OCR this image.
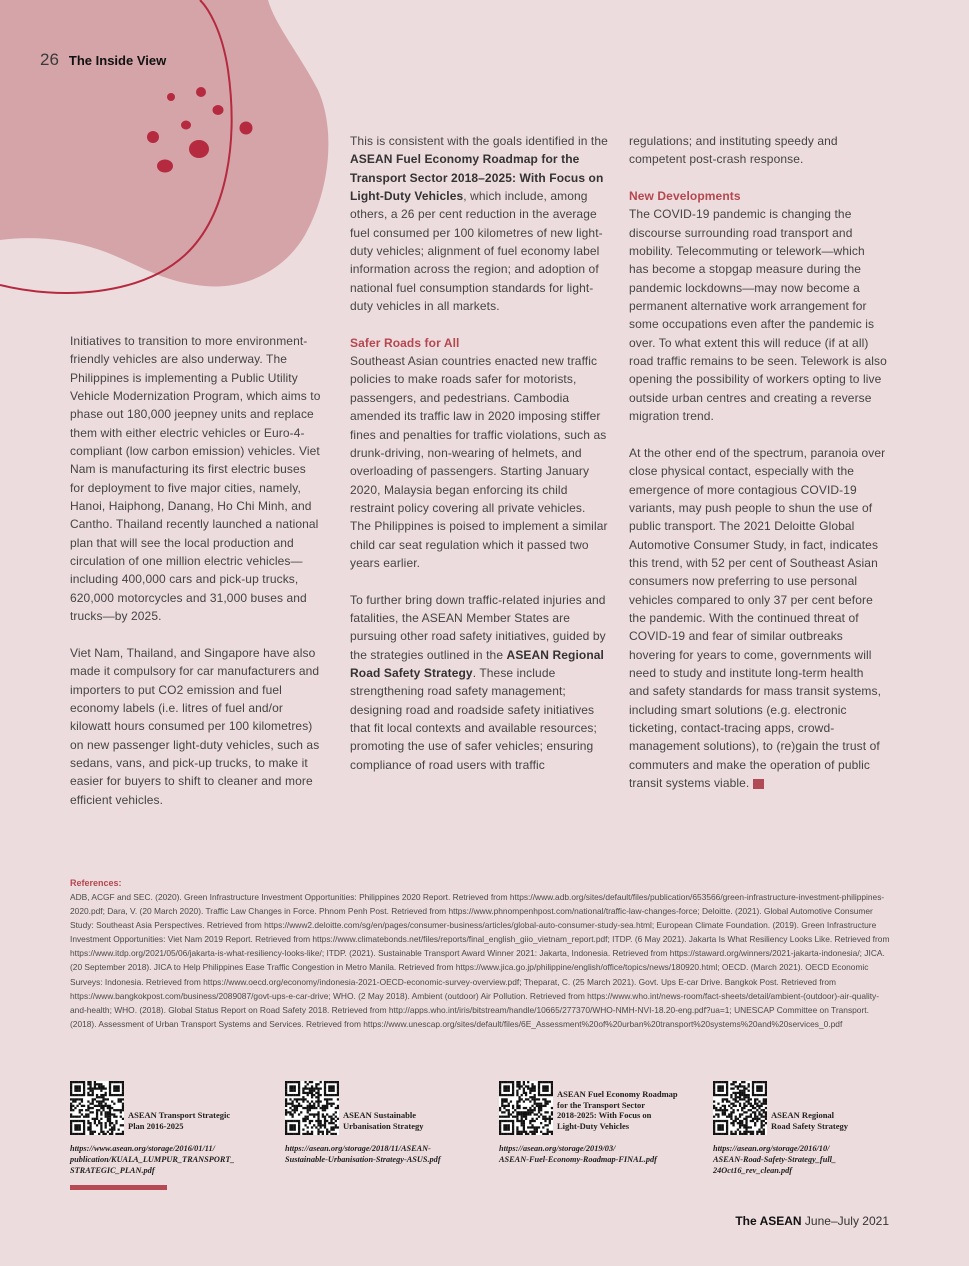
26 The Inside View

Initiatives to transition to more environment-friendly vehicles are also underway. The Philippines is implementing a Public Utility Vehicle Modernization Program, which aims to phase out 180,000 jeepney units and replace them with either electric vehicles or Euro-4-compliant (low carbon emission) vehicles. Viet Nam is manufacturing its first electric buses for deployment to five major cities, namely, Hanoi, Haiphong, Danang, Ho Chi Minh, and Cantho. Thailand recently launched a national plan that will see the local production and circulation of one million electric vehicles— including 400,000 cars and pick-up trucks, 620,000 motorcycles and 31,000 buses and trucks—by 2025.

Viet Nam, Thailand, and Singapore have also made it compulsory for car manufacturers and importers to put CO2 emission and fuel economy labels (i.e. litres of fuel and/or kilowatt hours consumed per 100 kilometres) on new passenger light-duty vehicles, such as sedans, vans, and pick-up trucks, to make it easier for buyers to shift to cleaner and more efficient vehicles.

This is consistent with the goals identified in the ASEAN Fuel Economy Roadmap for the Transport Sector 2018–2025: With Focus on Light-Duty Vehicles, which include, among others, a 26 per cent reduction in the average fuel consumed per 100 kilometres of new light-duty vehicles; alignment of fuel economy label information across the region; and adoption of national fuel consumption standards for light-duty vehicles in all markets.

Safer Roads for All

Southeast Asian countries enacted new traffic policies to make roads safer for motorists, passengers, and pedestrians. Cambodia amended its traffic law in 2020 imposing stiffer fines and penalties for traffic violations, such as drunk-driving, non-wearing of helmets, and overloading of passengers. Starting January 2020, Malaysia began enforcing its child restraint policy covering all private vehicles. The Philippines is poised to implement a similar child car seat regulation which it passed two years earlier.

To further bring down traffic-related injuries and fatalities, the ASEAN Member States are pursuing other road safety initiatives, guided by the strategies outlined in the ASEAN Regional Road Safety Strategy. These include strengthening road safety management; designing road and roadside safety initiatives that fit local contexts and available resources; promoting the use of safer vehicles; ensuring compliance of road users with traffic

regulations; and instituting speedy and competent post-crash response.

New Developments

The COVID-19 pandemic is changing the discourse surrounding road transport and mobility. Telecommuting or telework—which has become a stopgap measure during the pandemic lockdowns—may now become a permanent alternative work arrangement for some occupations even after the pandemic is over. To what extent this will reduce (if at all) road traffic remains to be seen. Telework is also opening the possibility of workers opting to live outside urban centres and creating a reverse migration trend.

At the other end of the spectrum, paranoia over close physical contact, especially with the emergence of more contagious COVID-19 variants, may push people to shun the use of public transport. The 2021 Deloitte Global Automotive Consumer Study, in fact, indicates this trend, with 52 per cent of Southeast Asian consumers now preferring to use personal vehicles compared to only 37 per cent before the pandemic. With the continued threat of COVID-19 and fear of similar outbreaks hovering for years to come, governments will need to study and institute long-term health and safety standards for mass transit systems, including smart solutions (e.g. electronic ticketing, contact-tracing apps, crowd-management solutions), to (re)gain the trust of commuters and make the operation of public transit systems viable.

References:

ADB, ACGF and SEC. (2020). Green Infrastructure Investment Opportunities: Philippines 2020 Report. Retrieved from https://www.adb.org/sites/default/files/publication/653566/green-infrastructure-investment-philippines-2020.pdf; Dara, V. (20 March 2020). Traffic Law Changes in Force. Phnom Penh Post. Retrieved from https://www.phnompenhpost.com/national/traffic-law-changes-force; Deloitte. (2021). Global Automotive Consumer Study: Southeast Asia Perspectives. Retrieved from https://www2.deloitte.com/sg/en/pages/consumer-business/articles/global-auto-consumer-study-sea.html; European Climate Foundation. (2019). Green Infrastructure Investment Opportunities: Viet Nam 2019 Report. Retrieved from https://www.climatebonds.net/files/reports/final_english_giio_vietnam_report.pdf; ITDP. (6 May 2021). Jakarta Is What Resiliency Looks Like. Retrieved from https://www.itdp.org/2021/05/06/jakarta-is-what-resiliency-looks-like/; ITDP. (2021). Sustainable Transport Award Winner 2021: Jakarta, Indonesia. Retrieved from https://staward.org/winners/2021-jakarta-indonesia/; JICA. (20 September 2018). JICA to Help Philippines Ease Traffic Congestion in Metro Manila. Retrieved from https://www.jica.go.jp/philippine/english/office/topics/news/180920.html; OECD. (March 2021). OECD Economic Surveys: Indonesia. Retrieved from https://www.oecd.org/economy/indonesia-2021-OECD-economic-survey-overview.pdf; Theparat, C. (25 March 2021). Govt. Ups E-car Drive. Bangkok Post. Retrieved from https://www.bangkokpost.com/business/2089087/govt-ups-e-car-drive; WHO. (2 May 2018). Ambient (outdoor) Air Pollution. Retrieved from https://www.who.int/news-room/fact-sheets/detail/ambient-(outdoor)-air-quality-and-health; WHO. (2018). Global Status Report on Road Safety 2018. Retrieved from http://apps.who.int/iris/bitstream/handle/10665/277370/WHO-NMH-NVI-18.20-eng.pdf?ua=1; UNESCAP Committee on Transport. (2018). Assessment of Urban Transport Systems and Services. Retrieved from https://www.unescap.org/sites/default/files/6E_Assessment%20of%20urban%20transport%20systems%20and%20services_0.pdf

ASEAN Transport Strategic
Plan 2016-2025
https://www.asean.org/storage/2016/01/11/
publication/KUALA_LUMPUR_TRANSPORT_
STRATEGIC_PLAN.pdf
ASEAN Sustainable
Urbanisation Strategy
https://asean.org/storage/2018/11/ASEAN-
Sustainable-Urbanisation-Strategy-ASUS.pdf
ASEAN Fuel Economy Roadmap
for the Transport Sector
2018-2025: With Focus on
Light-Duty Vehicles
https://asean.org/storage/2019/03/
ASEAN-Fuel-Economy-Roadmap-FINAL.pdf
ASEAN Regional
Road Safety Strategy
https://asean.org/storage/2016/10/
ASEAN-Road-Safety-Strategy_full_
24Oct16_rev_clean.pdf
The ASEAN June–July 2021
